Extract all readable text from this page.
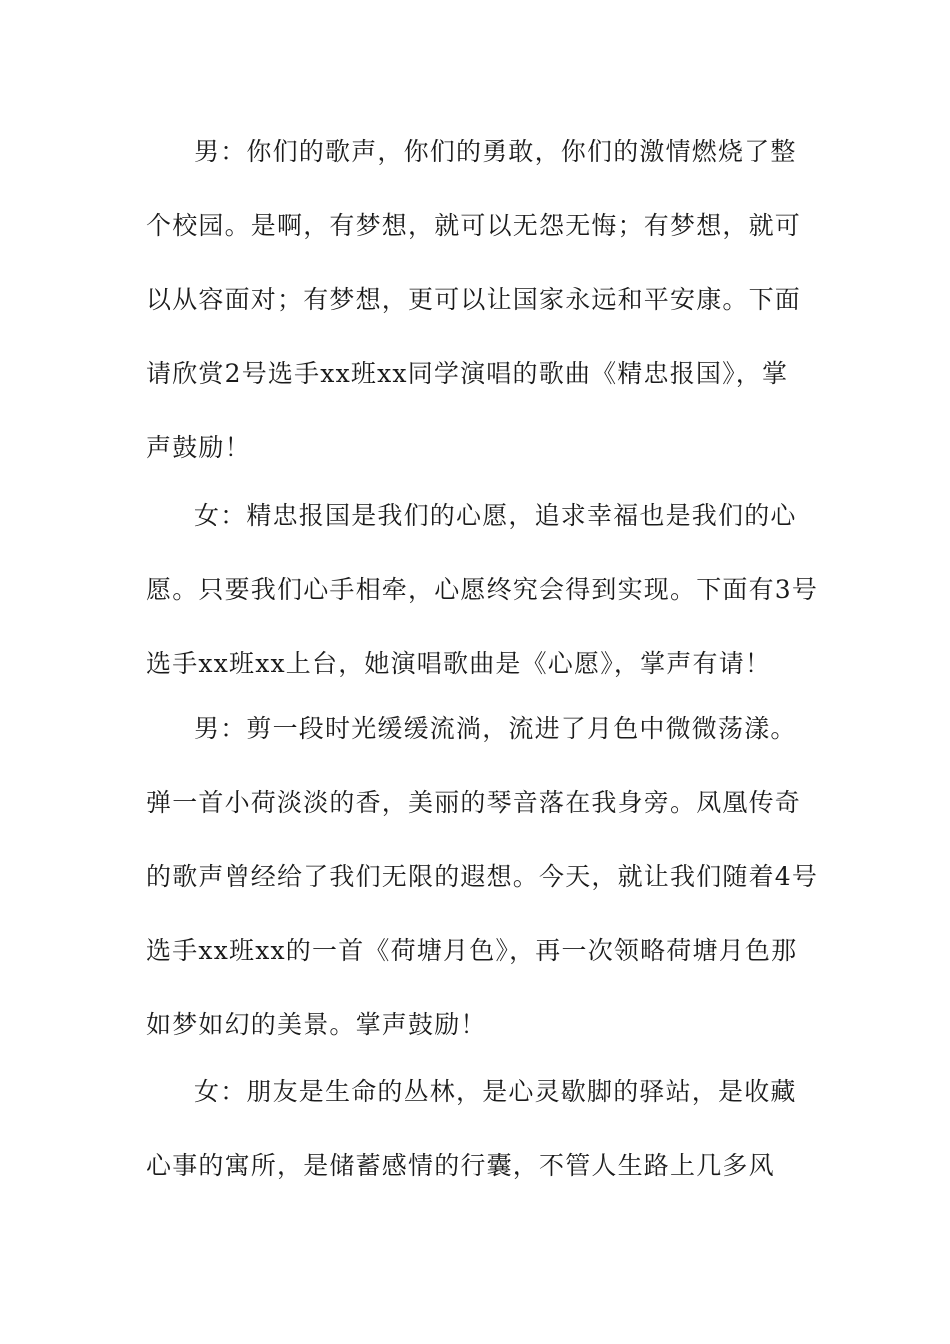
男：你们的歌声，你们的勇敢，你们的激情燃烧了整
个校园。是啊，有梦想，就可以无怨无悔；有梦想，就可
以从容面对；有梦想，更可以让国家永远和平安康。下面
请欣赏2号选手xx班xx同学演唱的歌曲《精忠报国》，掌
声鼓励！
女：精忠报国是我们的心愿，追求幸福也是我们的心
愿。只要我们心手相牵，心愿终究会得到实现。下面有3号
选手xx班xx上台，她演唱歌曲是《心愿》，掌声有请！
男：剪一段时光缓缓流淌，流进了月色中微微荡漾。
弹一首小荷淡淡的香，美丽的琴音落在我身旁。凤凰传奇
的歌声曾经给了我们无限的遐想。今天，就让我们随着4号
选手xx班xx的一首《荷塘月色》，再一次领略荷塘月色那
如梦如幻的美景。掌声鼓励！
女：朋友是生命的丛林，是心灵歇脚的驿站，是收藏
心事的寓所，是储蓄感情的行囊，不管人生路上几多风
